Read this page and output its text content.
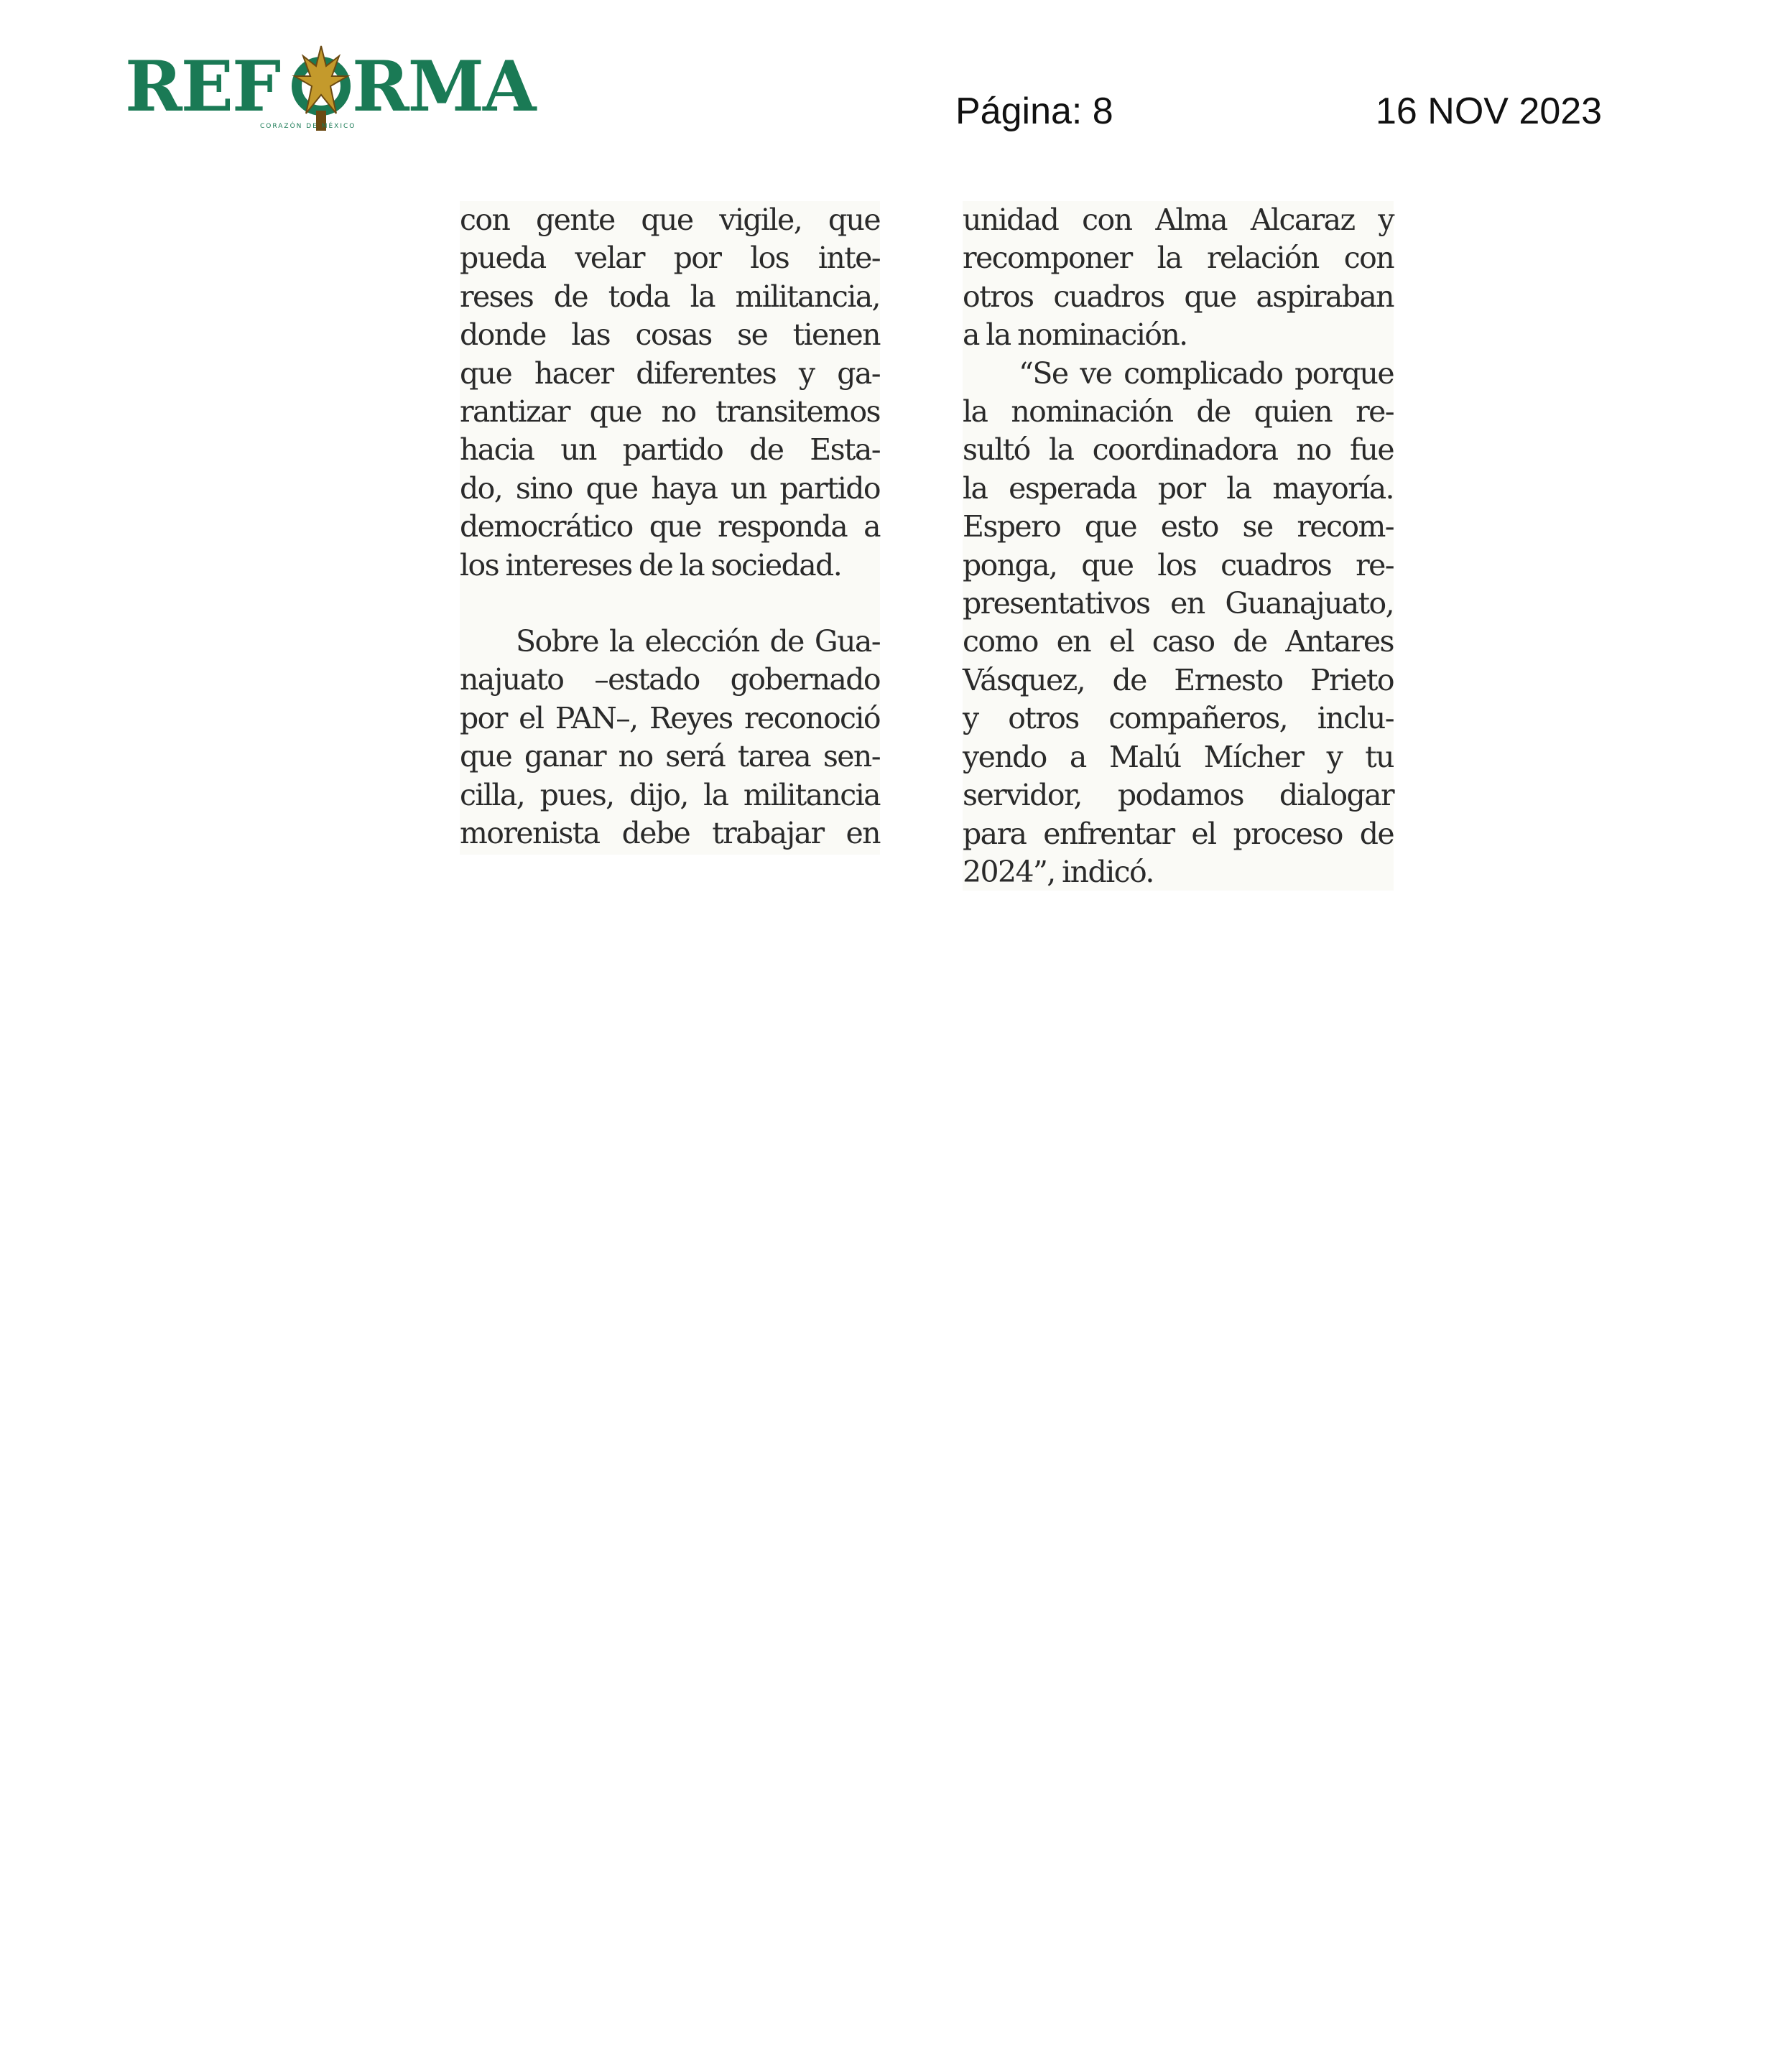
REF RMA
CORAZÓN DE MÉXICO	Página: 8	16 NOV 2023

con gente que vigile, que
pueda velar por los inte-
reses de toda la militancia,
donde las cosas se tienen
que hacer diferentes y ga-
rantizar que no transitemos
hacia un partido de Esta-
do, sino que haya un partido
democrático que responda a
los intereses de la sociedad.

Sobre la elección de Gua-
najuato –estado gobernado
por el PAN–, Reyes reconoció
que ganar no será tarea sen-
cilla, pues, dijo, la militancia
morenista debe trabajar en

unidad con Alma Alcaraz y
recomponer la relación con
otros cuadros que aspiraban
a la nominación.

“Se ve complicado porque
la nominación de quien re-
sultó la coordinadora no fue
la esperada por la mayoría.
Espero que esto se recom-
ponga, que los cuadros re-
presentativos en Guanajuato,
como en el caso de Antares
Vásquez, de Ernesto Prieto
y otros compañeros, inclu-
yendo a Malú Mícher y tu
servidor, podamos dialogar
para enfrentar el proceso de
2024”, indicó.
